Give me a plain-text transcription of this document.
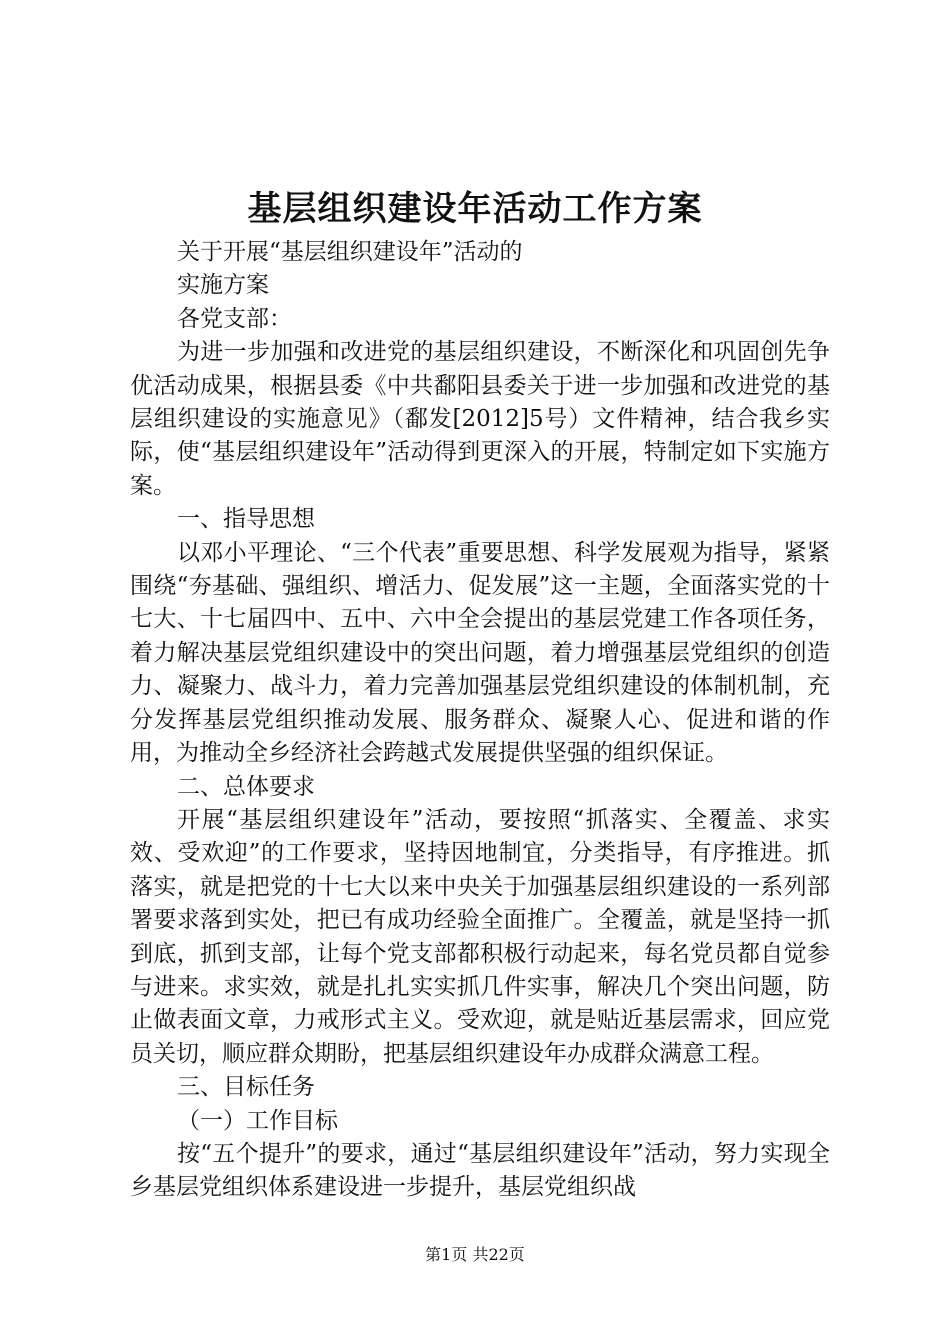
基层组织建设年活动工作方案

关于开展“基层组织建设年”活动的

实施方案

各党支部：

为进一步加强和改进党的基层组织建设，不断深化和巩固创先争优活动成果，根据县委《中共鄱阳县委关于进一步加强和改进党的基层组织建设的实施意见》（鄱发[2012]5号）文件精神，结合我乡实际，使“基层组织建设年”活动得到更深入的开展，特制定如下实施方案。

一、指导思想

以邓小平理论、“三个代表”重要思想、科学发展观为指导，紧紧围绕“夯基础、强组织、增活力、促发展”这一主题，全面落实党的十七大、十七届四中、五中、六中全会提出的基层党建工作各项任务，着力解决基层党组织建设中的突出问题，着力增强基层党组织的创造力、凝聚力、战斗力，着力完善加强基层党组织建设的体制机制，充分发挥基层党组织推动发展、服务群众、凝聚人心、促进和谐的作用，为推动全乡经济社会跨越式发展提供坚强的组织保证。

二、总体要求

开展“基层组织建设年”活动，要按照“抓落实、全覆盖、求实效、受欢迎”的工作要求，坚持因地制宜，分类指导，有序推进。抓落实，就是把党的十七大以来中央关于加强基层组织建设的一系列部署要求落到实处，把已有成功经验全面推广。全覆盖，就是坚持一抓到底，抓到支部，让每个党支部都积极行动起来，每名党员都自觉参与进来。求实效，就是扎扎实实抓几件实事，解决几个突出问题，防止做表面文章，力戒形式主义。受欢迎，就是贴近基层需求，回应党员关切，顺应群众期盼，把基层组织建设年办成群众满意工程。

三、目标任务

（一）工作目标

按“五个提升”的要求，通过“基层组织建设年”活动，努力实现全乡基层党组织体系建设进一步提升，基层党组织战

第1页 共22页
